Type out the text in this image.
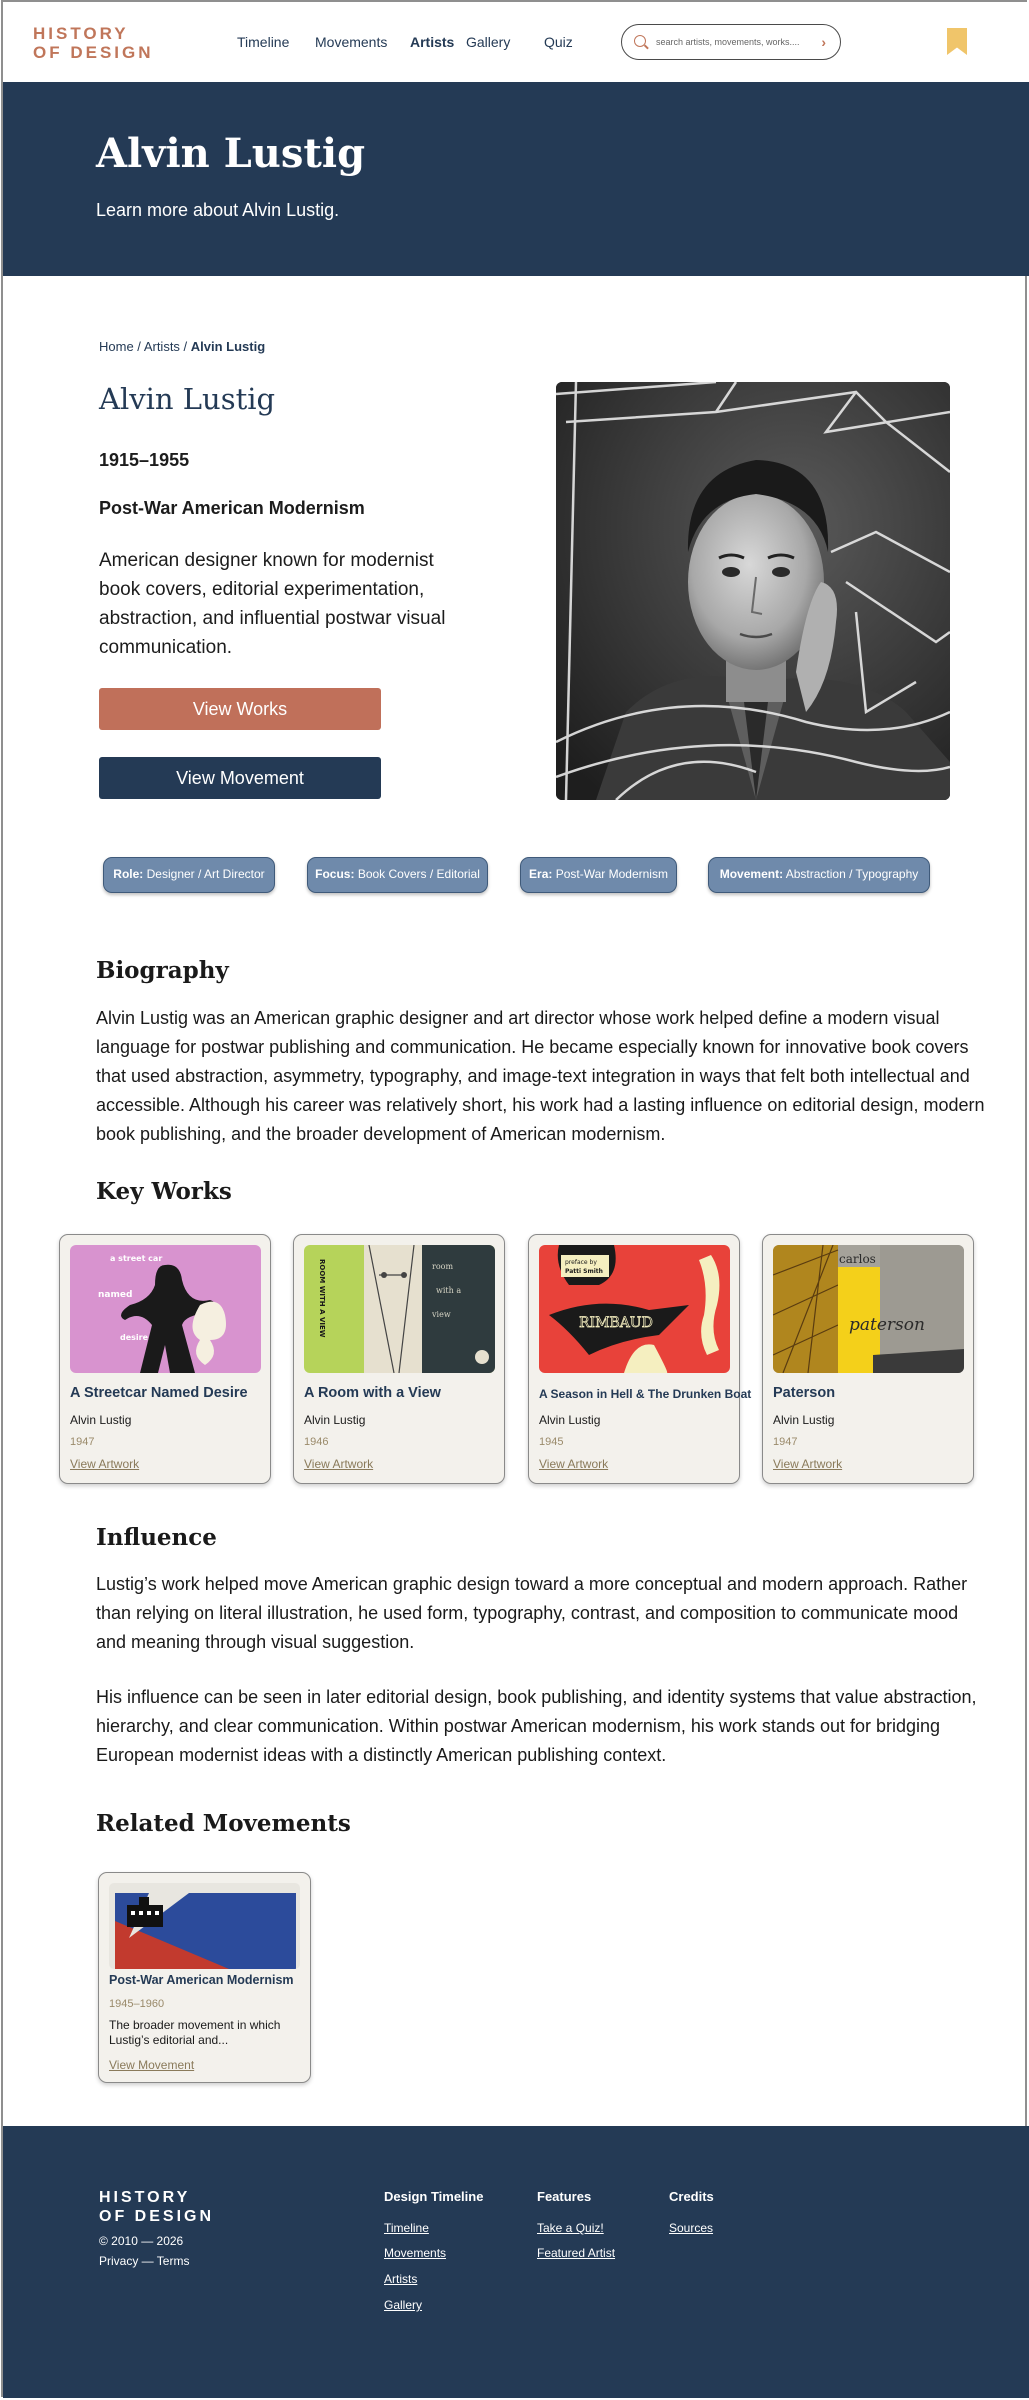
HISTORY
OF DESIGN
Timeline Movements Artists Gallery Quiz
search artists, movements, works....	›
Alvin Lustig
Learn more about Alvin Lustig.
Home / Artists / Alvin Lustig
Alvin Lustig
1915–1955
Post-War American Modernism
American designer known for modernist book covers, editorial experimentation, abstraction, and influential postwar visual communication.
View Works
View Movement
Role: Designer / Art Director	Focus: Book Covers / Editorial	Era: Post-War Modernism	Movement: Abstraction / Typography
Biography
Alvin Lustig was an American graphic designer and art director whose work helped define a modern visual language for postwar publishing and communication. He became especially known for innovative book covers that used abstraction, asymmetry, typography, and image-text integration in ways that felt both intellectual and accessible. Although his career was relatively short, his work had a lasting influence on editorial design, modern book publishing, and the broader development of American modernism.
Key Works
a street car
named
desire
A Streetcar Named Desire
Alvin Lustig
1947
View Artwork
ROOM WITH A VIEW	room
with a
view
A Room with a View
Alvin Lustig
1946
View Artwork
preface by
Patti Smith
RIMBAUD
A Season in Hell & The Drunken Boat
Alvin Lustig
1945
View Artwork
carlos
paterson
Paterson
Alvin Lustig
1947
View Artwork
Influence
Lustig’s work helped move American graphic design toward a more conceptual and modern approach. Rather than relying on literal illustration, he used form, typography, contrast, and composition to communicate mood and meaning through visual suggestion.
His influence can be seen in later editorial design, book publishing, and identity systems that value abstraction, hierarchy, and clear communication. Within postwar American modernism, his work stands out for bridging European modernist ideas with a distinctly American publishing context.
Related Movements
Post-War American Modernism
1945–1960
The broader movement in which Lustig’s editorial and...
View Movement
HISTORY
OF DESIGN
© 2010 — 2026
Privacy — Terms
Design Timeline
Timeline
Movements
Artists
Gallery
Features
Take a Quiz!
Featured Artist
Credits
Sources
